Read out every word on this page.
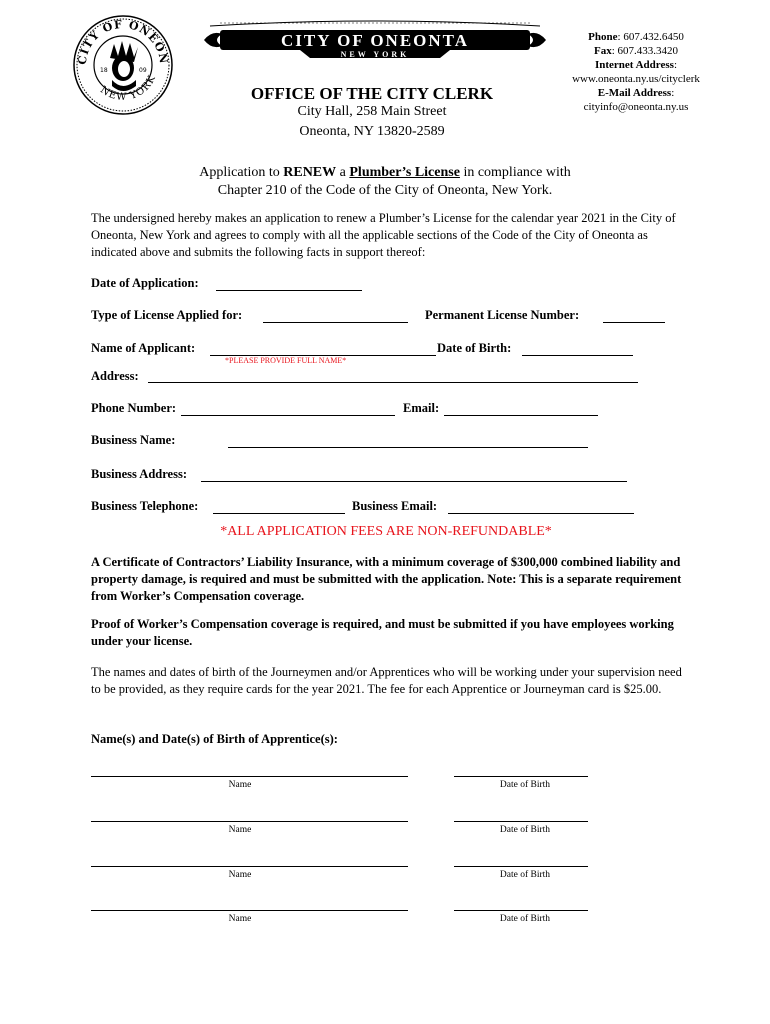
CITY OF ONEON
NEW YORK
18	09
CITY OF ONEONTA
NEW YORK
Phone: 607.432.6450
Fax: 607.433.3420
Internet Address:
www.oneonta.ny.us/cityclerk
E-Mail Address:
cityinfo@oneonta.ny.us
OFFICE OF THE CITY CLERK
City Hall, 258 Main Street
Oneonta, NY 13820-2589
Application to RENEW a Plumber’s License in compliance with
Chapter 210 of the Code of the City of Oneonta, New York.
The undersigned hereby makes an application to renew a Plumber’s License for the calendar year 2021 in the City of Oneonta, New York and agrees to comply with all the applicable sections of the Code of the City of Oneonta as indicated above and submits the following facts in support thereof:
Date of Application:
Type of License Applied for:	Permanent License Number:
Name of Applicant:	Date of Birth:
*PLEASE PROVIDE FULL NAME*
Address:
Phone Number:	Email:
Business Name:
Business Address:
Business Telephone:	Business Email:
*ALL APPLICATION FEES ARE NON-REFUNDABLE*
A Certificate of Contractors’ Liability Insurance, with a minimum coverage of $300,000 combined liability and property damage, is required and must be submitted with the application. Note: This is a separate requirement from Worker’s Compensation coverage.
Proof of Worker’s Compensation coverage is required, and must be submitted if you have employees working under your license.
The names and dates of birth of the Journeymen and/or Apprentices who will be working under your supervision need to be provided, as they require cards for the year 2021. The fee for each Apprentice or Journeyman card is $25.00.
Name(s) and Date(s) of Birth of Apprentice(s):
Name	Date of Birth
Name	Date of Birth
Name	Date of Birth
Name	Date of Birth
